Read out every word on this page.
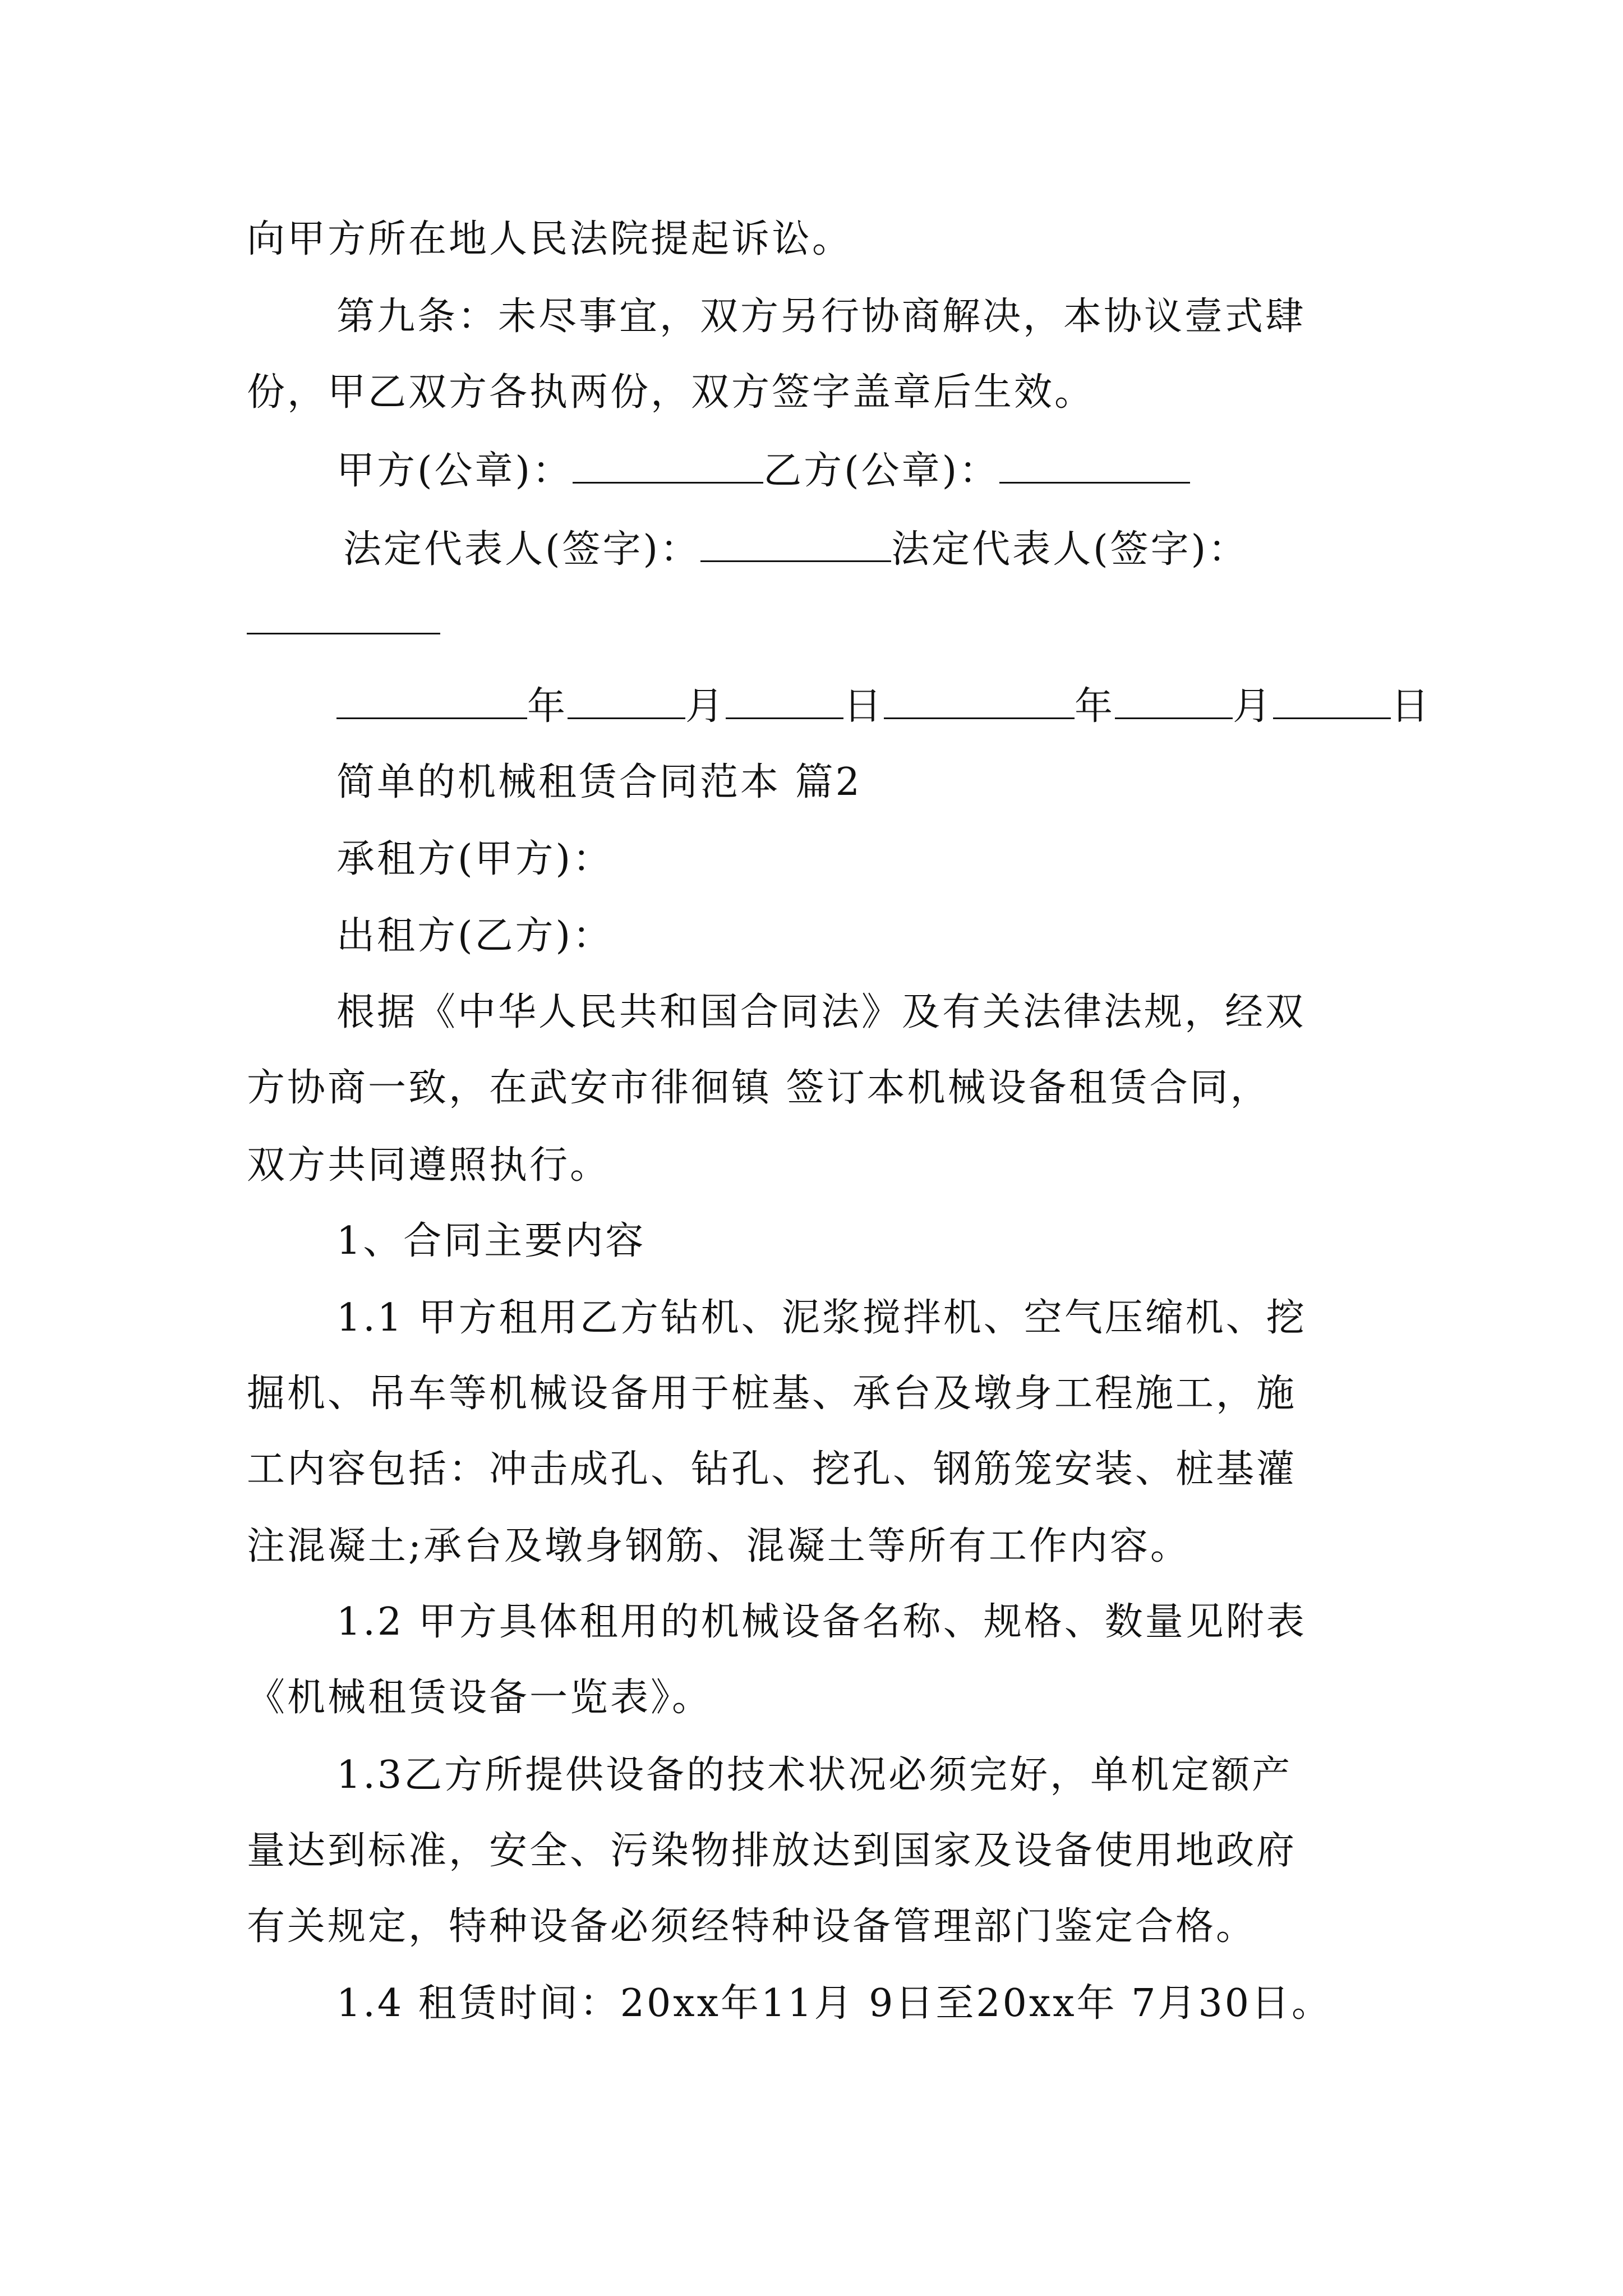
向甲方所在地人民法院提起诉讼。
第九条：未尽事宜，双方另行协商解决，本协议壹式肆
份，甲乙双方各执两份，双方签字盖章后生效。
甲方(公章)：	乙方(公章)：
法定代表人(签字)：	法定代表人(签字)：
年	月	日	年	月	日
简单的机械租赁合同范本 篇2
承租方(甲方)：
出租方(乙方)：
根据《中华人民共和国合同法》及有关法律法规，经双
方协商一致，在武安市徘徊镇 签订本机械设备租赁合同，
双方共同遵照执行。
1、合同主要内容
1.1 甲方租用乙方钻机、泥浆搅拌机、空气压缩机、挖
掘机、吊车等机械设备用于桩基、承台及墩身工程施工，施
工内容包括：冲击成孔、钻孔、挖孔、钢筋笼安装、桩基灌
注混凝土;承台及墩身钢筋、混凝土等所有工作内容。
1.2 甲方具体租用的机械设备名称、规格、数量见附表
《机械租赁设备一览表》。
1.3乙方所提供设备的技术状况必须完好，单机定额产
量达到标准，安全、污染物排放达到国家及设备使用地政府
有关规定，特种设备必须经特种设备管理部门鉴定合格。
1.4 租赁时间：20xx年11月 9日至20xx年 7月30日。
